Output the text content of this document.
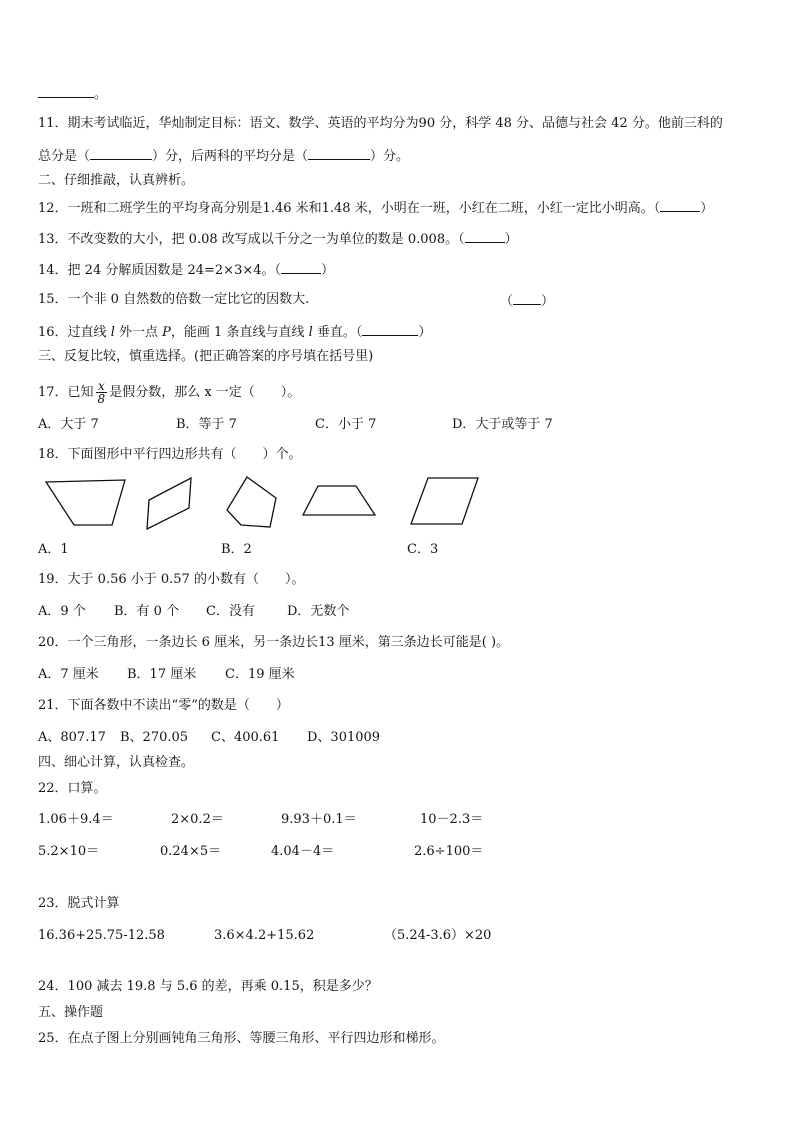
。
11．期末考试临近，华灿制定目标：语文、数学、英语的平均分为90 分，科学 48 分、品德与社会 42 分。他前三科的
总分是（	）分，后两科的平均分是（	）分。
二、仔细推敲，认真辨析。
12．一班和二班学生的平均身高分别是1.46 米和1.48 米，小明在一班，小红在二班，小红一定比小明高。（	）
13．不改变数的大小，把 0.08 改写成以千分之一为单位的数是 0.008。（	）
14．把 24 分解质因数是 24=2×3×4。（	）
15．一个非 0 自然数的倍数一定比它的因数大.	（ ）
16．过直线 l 外一点 P，能画 1 条直线与直线 l 垂直。（	）
三、反复比较，慎重选择。(把正确答案的序号填在括号里)
17．已知 $\frac{x}{8}$ 是假分数，那么 x 一定（　　）。
A．大于 7	B．等于 7	C．小于 7	D．大于或等于 7
18．下面图形中平行四边形共有（　　）个。
A．1	B．2	C．3
19．大于 0.56 小于 0.57 的小数有（　　）。
A．9 个 B．有 0 个 C．没有 D．无数个
20．一个三角形，一条边长 6 厘米，另一条边长13 厘米，第三条边长可能是( )。
A．7 厘米 B．17 厘米 C．19 厘米
21．下面各数中不读出“零”的数是（　　）
A、807.17 B、270.05 C、400.61 D、301009
四、细心计算，认真检查。
22．口算。
1.06＋9.4＝	2×0.2＝	9.93＋0.1＝	10－2.3＝
5.2×10＝	0.24×5＝	4.04－4＝	2.6÷100＝
23．脱式计算
16.36+25.75-12.58	3.6×4.2+15.62	（5.24-3.6）×20
24．100 减去 19.8 与 5.6 的差，再乘 0.15，积是多少？
五、操作题
25．在点子图上分别画钝角三角形、等腰三角形、平行四边形和梯形。
